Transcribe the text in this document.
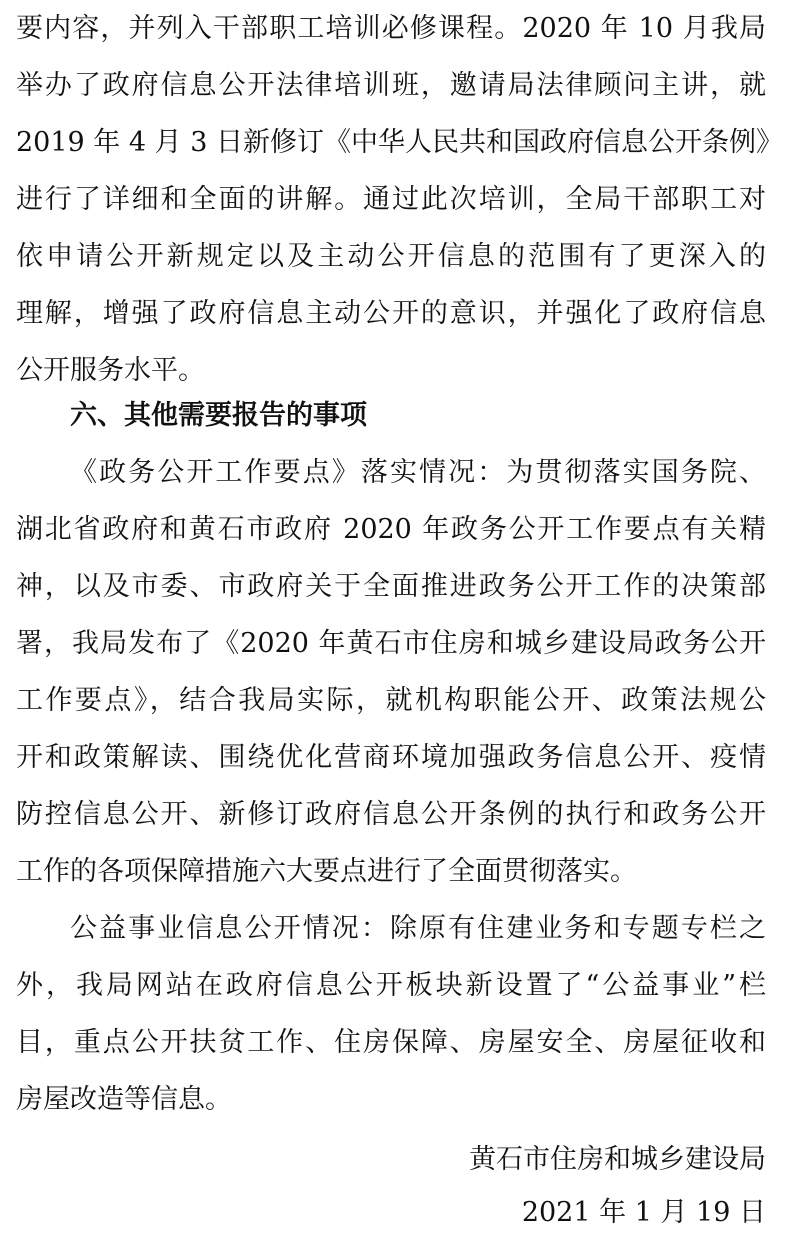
要内容，并列入干部职工培训必修课程。2020 年 10 月我局
举办了政府信息公开法律培训班，邀请局法律顾问主讲，就
2019 年 4 月 3 日新修订《中华人民共和国政府信息公开条例》
进行了详细和全面的讲解。通过此次培训，全局干部职工对
依申请公开新规定以及主动公开信息的范围有了更深入的
理解，增强了政府信息主动公开的意识，并强化了政府信息
公开服务水平。
六、其他需要报告的事项
《政务公开工作要点》落实情况：为贯彻落实国务院、
湖北省政府和黄石市政府 2020 年政务公开工作要点有关精
神，以及市委、市政府关于全面推进政务公开工作的决策部
署，我局发布了《2020 年黄石市住房和城乡建设局政务公开
工作要点》，结合我局实际，就机构职能公开、政策法规公
开和政策解读、围绕优化营商环境加强政务信息公开、疫情
防控信息公开、新修订政府信息公开条例的执行和政务公开
工作的各项保障措施六大要点进行了全面贯彻落实。
公益事业信息公开情况：除原有住建业务和专题专栏之
外，我局网站在政府信息公开板块新设置了“公益事业”栏
目，重点公开扶贫工作、住房保障、房屋安全、房屋征收和
房屋改造等信息。
黄石市住房和城乡建设局
2021 年 1 月 19 日
